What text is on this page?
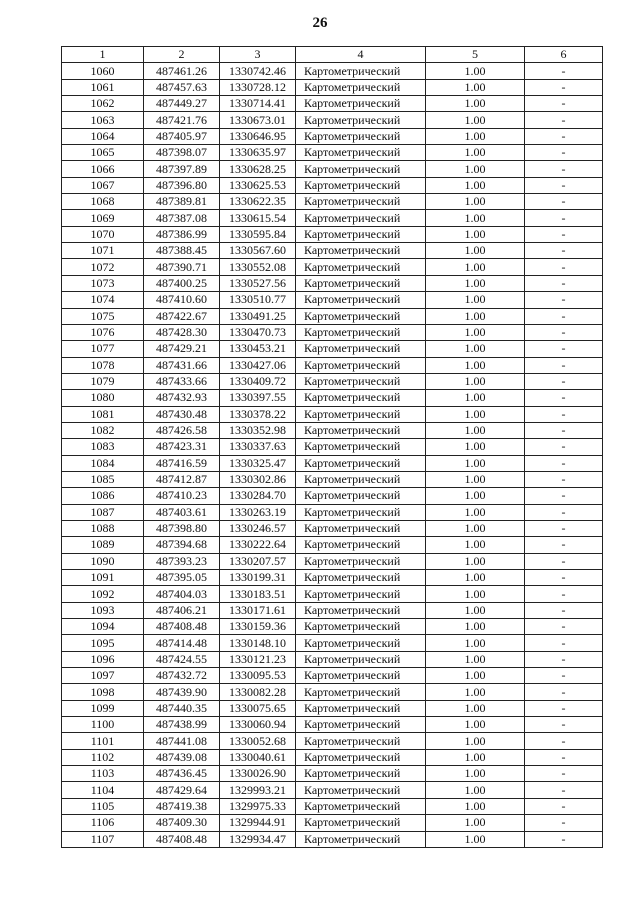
26
1	2	3	4	5	6
1060	487461.26	1330742.46	Картометрический	1.00	-
1061	487457.63	1330728.12	Картометрический	1.00	-
1062	487449.27	1330714.41	Картометрический	1.00	-
1063	487421.76	1330673.01	Картометрический	1.00	-
1064	487405.97	1330646.95	Картометрический	1.00	-
1065	487398.07	1330635.97	Картометрический	1.00	-
1066	487397.89	1330628.25	Картометрический	1.00	-
1067	487396.80	1330625.53	Картометрический	1.00	-
1068	487389.81	1330622.35	Картометрический	1.00	-
1069	487387.08	1330615.54	Картометрический	1.00	-
1070	487386.99	1330595.84	Картометрический	1.00	-
1071	487388.45	1330567.60	Картометрический	1.00	-
1072	487390.71	1330552.08	Картометрический	1.00	-
1073	487400.25	1330527.56	Картометрический	1.00	-
1074	487410.60	1330510.77	Картометрический	1.00	-
1075	487422.67	1330491.25	Картометрический	1.00	-
1076	487428.30	1330470.73	Картометрический	1.00	-
1077	487429.21	1330453.21	Картометрический	1.00	-
1078	487431.66	1330427.06	Картометрический	1.00	-
1079	487433.66	1330409.72	Картометрический	1.00	-
1080	487432.93	1330397.55	Картометрический	1.00	-
1081	487430.48	1330378.22	Картометрический	1.00	-
1082	487426.58	1330352.98	Картометрический	1.00	-
1083	487423.31	1330337.63	Картометрический	1.00	-
1084	487416.59	1330325.47	Картометрический	1.00	-
1085	487412.87	1330302.86	Картометрический	1.00	-
1086	487410.23	1330284.70	Картометрический	1.00	-
1087	487403.61	1330263.19	Картометрический	1.00	-
1088	487398.80	1330246.57	Картометрический	1.00	-
1089	487394.68	1330222.64	Картометрический	1.00	-
1090	487393.23	1330207.57	Картометрический	1.00	-
1091	487395.05	1330199.31	Картометрический	1.00	-
1092	487404.03	1330183.51	Картометрический	1.00	-
1093	487406.21	1330171.61	Картометрический	1.00	-
1094	487408.48	1330159.36	Картометрический	1.00	-
1095	487414.48	1330148.10	Картометрический	1.00	-
1096	487424.55	1330121.23	Картометрический	1.00	-
1097	487432.72	1330095.53	Картометрический	1.00	-
1098	487439.90	1330082.28	Картометрический	1.00	-
1099	487440.35	1330075.65	Картометрический	1.00	-
1100	487438.99	1330060.94	Картометрический	1.00	-
1101	487441.08	1330052.68	Картометрический	1.00	-
1102	487439.08	1330040.61	Картометрический	1.00	-
1103	487436.45	1330026.90	Картометрический	1.00	-
1104	487429.64	1329993.21	Картометрический	1.00	-
1105	487419.38	1329975.33	Картометрический	1.00	-
1106	487409.30	1329944.91	Картометрический	1.00	-
1107	487408.48	1329934.47	Картометрический	1.00	-
